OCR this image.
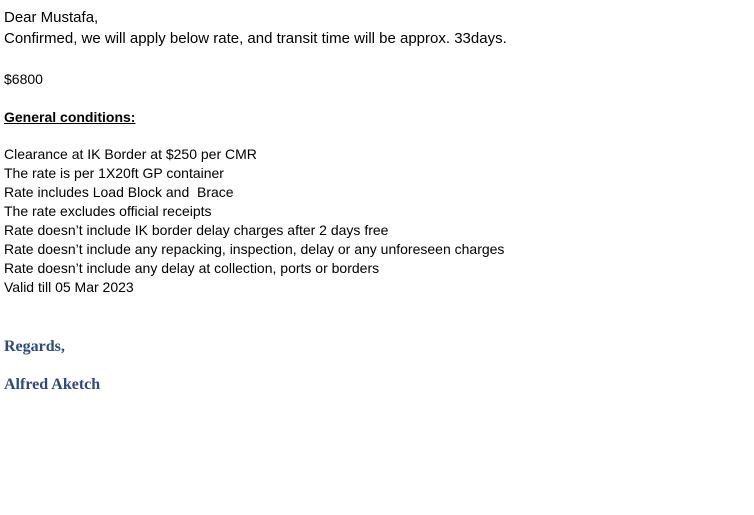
Dear Mustafa,
Confirmed, we will apply below rate, and transit time will be approx. 33days.
$6800
General conditions:
Clearance at IK Border at $250 per CMR
The rate is per 1X20ft GP container
Rate includes Load Block and  Brace
The rate excludes official receipts
Rate doesn’t include IK border delay charges after 2 days free
Rate doesn’t include any repacking, inspection, delay or any unforeseen charges
Rate doesn’t include any delay at collection, ports or borders
Valid till 05 Mar 2023
Regards,
Alfred Aketch
